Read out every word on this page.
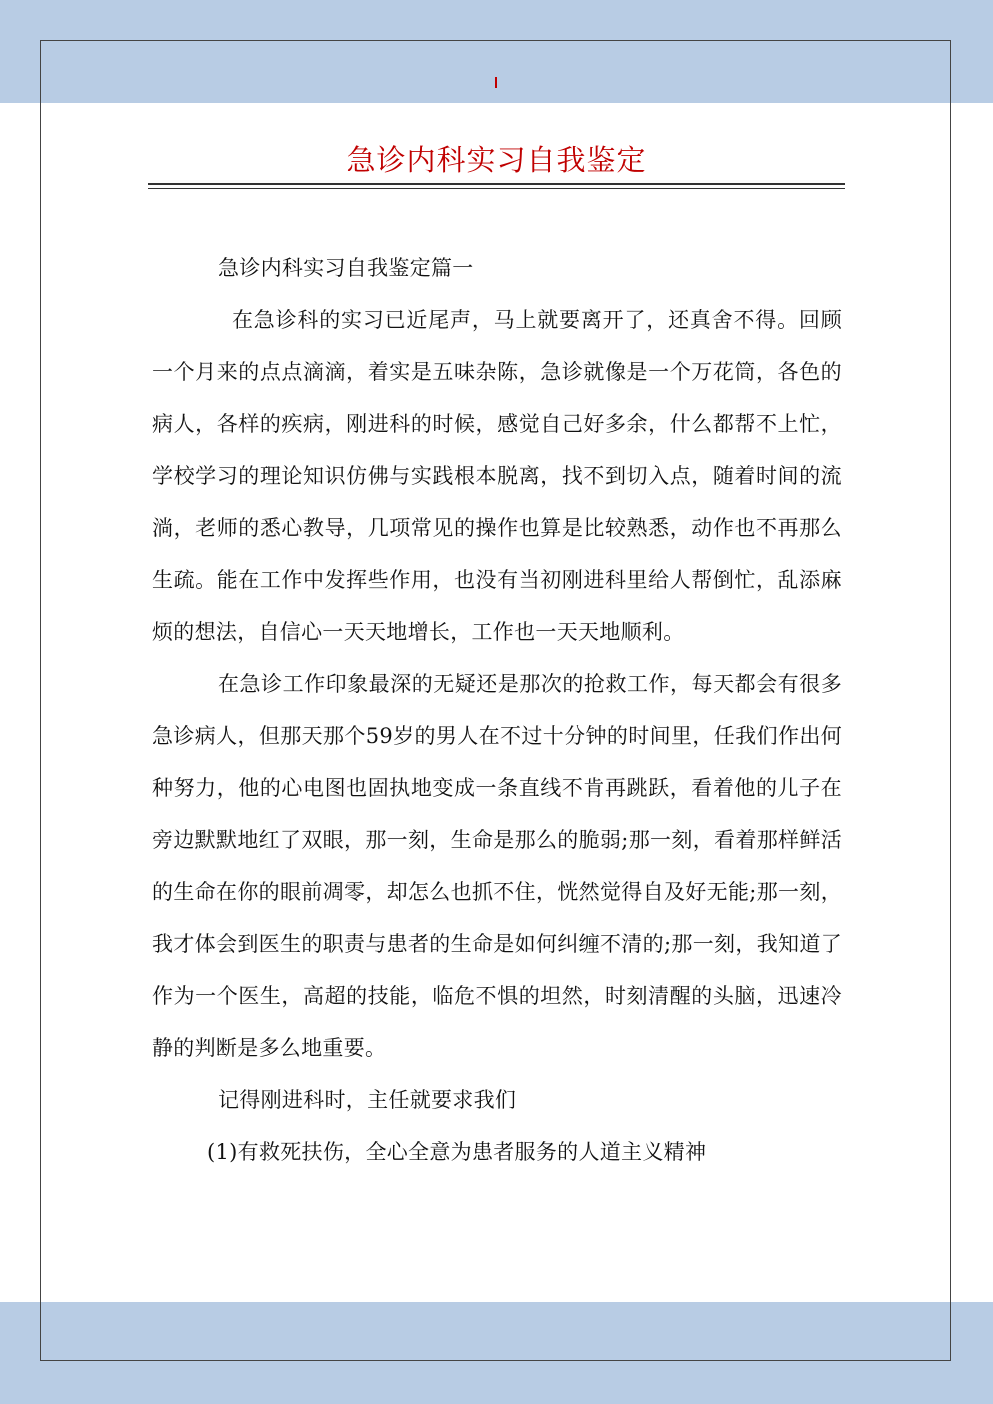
急诊内科实习自我鉴定

急诊内科实习自我鉴定篇一

在急诊科的实习已近尾声，马上就要离开了，还真舍不得。回顾一个月来的点点滴滴，着实是五味杂陈，急诊就像是一个万花筒，各色的病人，各样的疾病，刚进科的时候，感觉自己好多余，什么都帮不上忙，学校学习的理论知识仿佛与实践根本脱离，找不到切入点，随着时间的流淌，老师的悉心教导，几项常见的操作也算是比较熟悉，动作也不再那么生疏。能在工作中发挥些作用，也没有当初刚进科里给人帮倒忙，乱添麻烦的想法，自信心一天天地增长，工作也一天天地顺利。

在急诊工作印象最深的无疑还是那次的抢救工作，每天都会有很多急诊病人，但那天那个59岁的男人在不过十分钟的时间里，任我们作出何种努力，他的心电图也固执地变成一条直线不肯再跳跃，看着他的儿子在旁边默默地红了双眼，那一刻，生命是那么的脆弱;那一刻，看着那样鲜活的生命在你的眼前凋零，却怎么也抓不住，恍然觉得自及好无能;那一刻，我才体会到医生的职责与患者的生命是如何纠缠不清的;那一刻，我知道了作为一个医生，高超的技能，临危不惧的坦然，时刻清醒的头脑，迅速冷静的判断是多么地重要。

记得刚进科时，主任就要求我们

(1)有救死扶伤，全心全意为患者服务的人道主义精神
